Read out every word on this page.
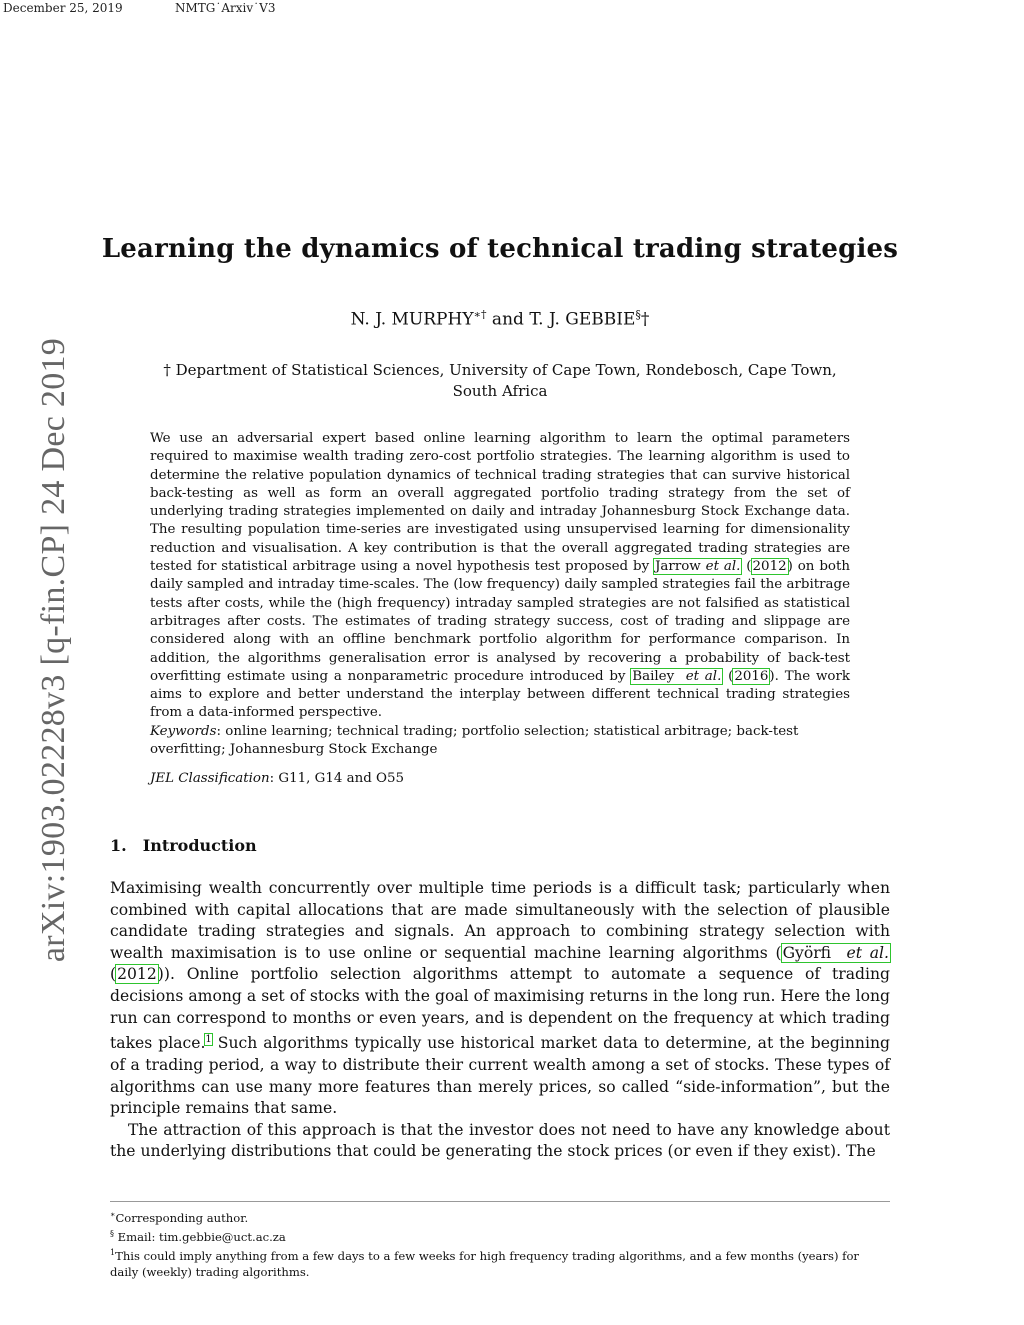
December 25, 2019	NMTG˙Arxiv˙V3
arXiv:1903.02228v3 [q-fin.CP] 24 Dec 2019
Learning the dynamics of technical trading strategies
N. J. MURPHY∗† and T. J. GEBBIE§†
† Department of Statistical Sciences, University of Cape Town, Rondebosch, Cape Town, South Africa
We use an adversarial expert based online learning algorithm to learn the optimal parameters required to maximise wealth trading zero-cost portfolio strategies. The learning algorithm is used to determine the relative population dynamics of technical trading strategies that can survive historical back-testing as well as form an overall aggregated portfolio trading strategy from the set of underlying trading strategies implemented on daily and intraday Johannesburg Stock Exchange data. The resulting population time-series are investigated using unsupervised learning for dimensionality reduction and visualisation. A key contribution is that the overall aggregated trading strategies are tested for statistical arbitrage using a novel hypothesis test proposed by Jarrow et al. (2012) on both daily sampled and intraday time-scales. The (low frequency) daily sampled strategies fail the arbitrage tests after costs, while the (high frequency) intraday sampled strategies are not falsified as statistical arbitrages after costs. The estimates of trading strategy success, cost of trading and slippage are considered along with an offline benchmark portfolio algorithm for performance comparison. In addition, the algorithms generalisation error is analysed by recovering a probability of back-test overfitting estimate using a nonparametric procedure introduced by Bailey et al. (2016). The work aims to explore and better understand the interplay between different technical trading strategies from a data-informed perspective.
Keywords: online learning; technical trading; portfolio selection; statistical arbitrage; back-test overfitting; Johannesburg Stock Exchange
JEL Classification: G11, G14 and O55
1. Introduction

Maximising wealth concurrently over multiple time periods is a difficult task; particularly when combined with capital allocations that are made simultaneously with the selection of plausible candidate trading strategies and signals. An approach to combining strategy selection with wealth maximisation is to use online or sequential machine learning algorithms (Györfi et al. (2012)). Online portfolio selection algorithms attempt to automate a sequence of trading decisions among a set of stocks with the goal of maximising returns in the long run. Here the long run can correspond to months or even years, and is dependent on the frequency at which trading takes place.$^1$ Such algorithms typically use historical market data to determine, at the beginning of a trading period, a way to distribute their current wealth among a set of stocks. These types of algorithms can use many more features than merely prices, so called “side-information”, but the principle remains that same.

The attraction of this approach is that the investor does not need to have any knowledge about the underlying distributions that could be generating the stock prices (or even if they exist). The

∗Corresponding author.
§ Email: tim.gebbie@uct.ac.za
$^1$This could imply anything from a few days to a few weeks for high frequency trading algorithms, and a few months (years) for daily (weekly) trading algorithms.
